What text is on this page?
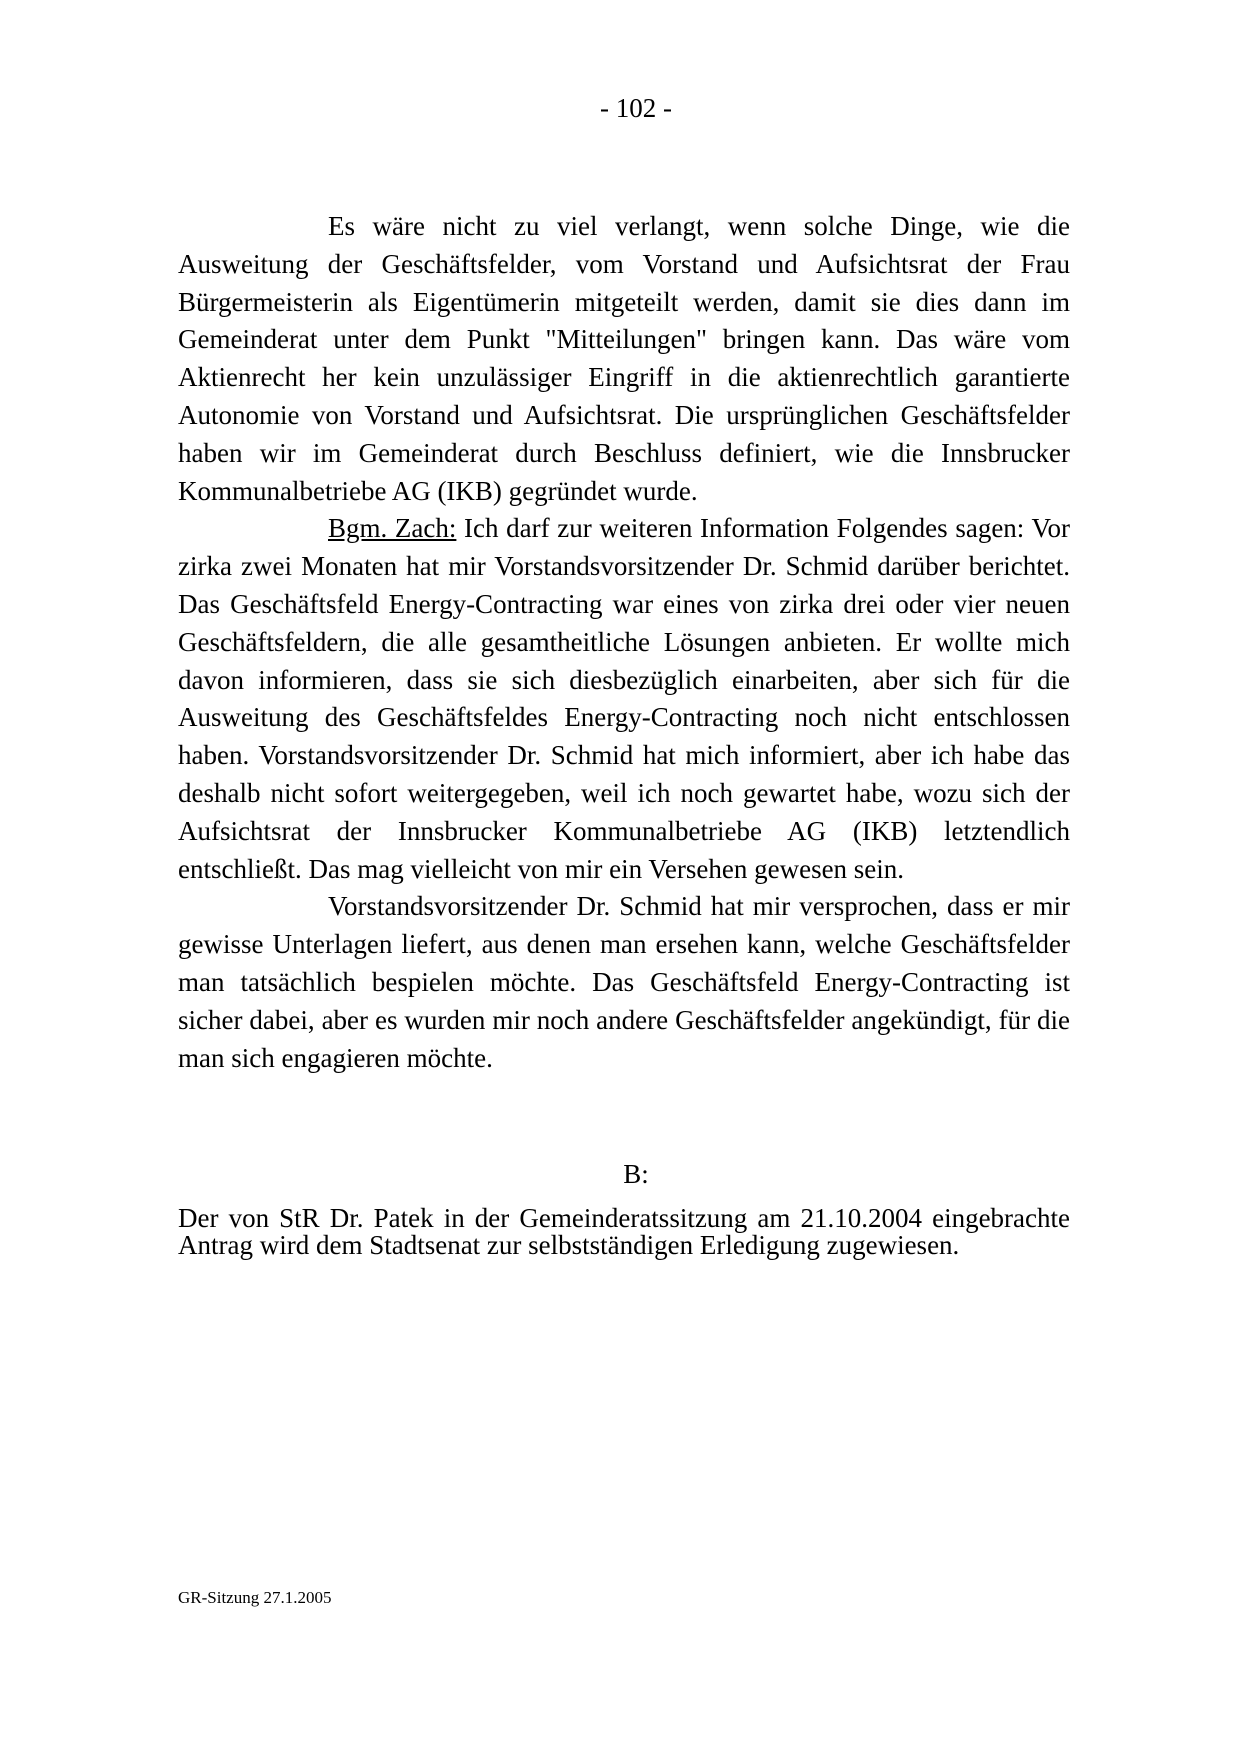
- 102 -

Es wäre nicht zu viel verlangt, wenn solche Dinge, wie die Ausweitung der Geschäftsfelder, vom Vorstand und Aufsichtsrat der Frau Bürgermeisterin als Eigentümerin mitgeteilt werden, damit sie dies dann im Gemeinderat unter dem Punkt "Mitteilungen" bringen kann. Das wäre vom Aktienrecht her kein unzulässiger Eingriff in die aktienrechtlich garantierte Autonomie von Vorstand und Aufsichtsrat. Die ursprünglichen Geschäftsfelder haben wir im Gemeinderat durch Beschluss definiert, wie die Innsbrucker Kommunalbetriebe AG (IKB) gegründet wurde.

Bgm. Zach: Ich darf zur weiteren Information Folgendes sagen: Vor zirka zwei Monaten hat mir Vorstandsvorsitzender Dr. Schmid darüber berichtet. Das Geschäftsfeld Energy-Contracting war eines von zirka drei oder vier neuen Geschäftsfeldern, die alle gesamtheitliche Lösungen anbieten. Er wollte mich davon informieren, dass sie sich diesbezüglich einarbeiten, aber sich für die Ausweitung des Geschäftsfeldes Energy-Contracting noch nicht entschlossen haben. Vorstandsvorsitzender Dr. Schmid hat mich informiert, aber ich habe das deshalb nicht sofort weitergegeben, weil ich noch gewartet habe, wozu sich der Aufsichtsrat der Innsbrucker Kommunalbetriebe AG (IKB) letztendlich entschließt. Das mag vielleicht von mir ein Versehen gewesen sein.

Vorstandsvorsitzender Dr. Schmid hat mir versprochen, dass er mir gewisse Unterlagen liefert, aus denen man ersehen kann, welche Geschäftsfelder man tatsächlich bespielen möchte. Das Geschäftsfeld Energy-Contracting ist sicher dabei, aber es wurden mir noch andere Geschäftsfelder angekündigt, für die man sich engagieren möchte.

B:

Der von StR Dr. Patek in der Gemeinderatssitzung am 21.10.2004 eingebrachte Antrag wird dem Stadtsenat zur selbstständigen Erledigung zugewiesen.

GR-Sitzung 27.1.2005
